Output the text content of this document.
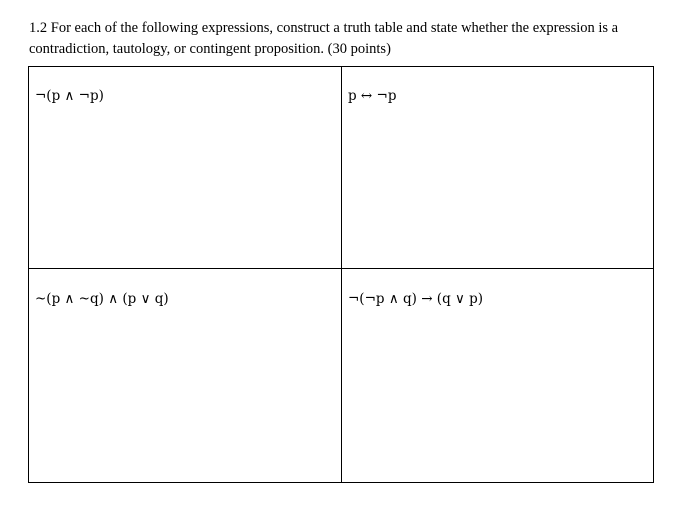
1.2 For each of the following expressions, construct a truth table and state whether the expression is a contradiction, tautology, or contingent proposition. (30 points)

¬(p ∧ ¬p)	p ↔ ¬p
~(p ∧ ~q) ∧ (p ∨ q)	¬(¬p ∧ q) → (q ∨ p)
